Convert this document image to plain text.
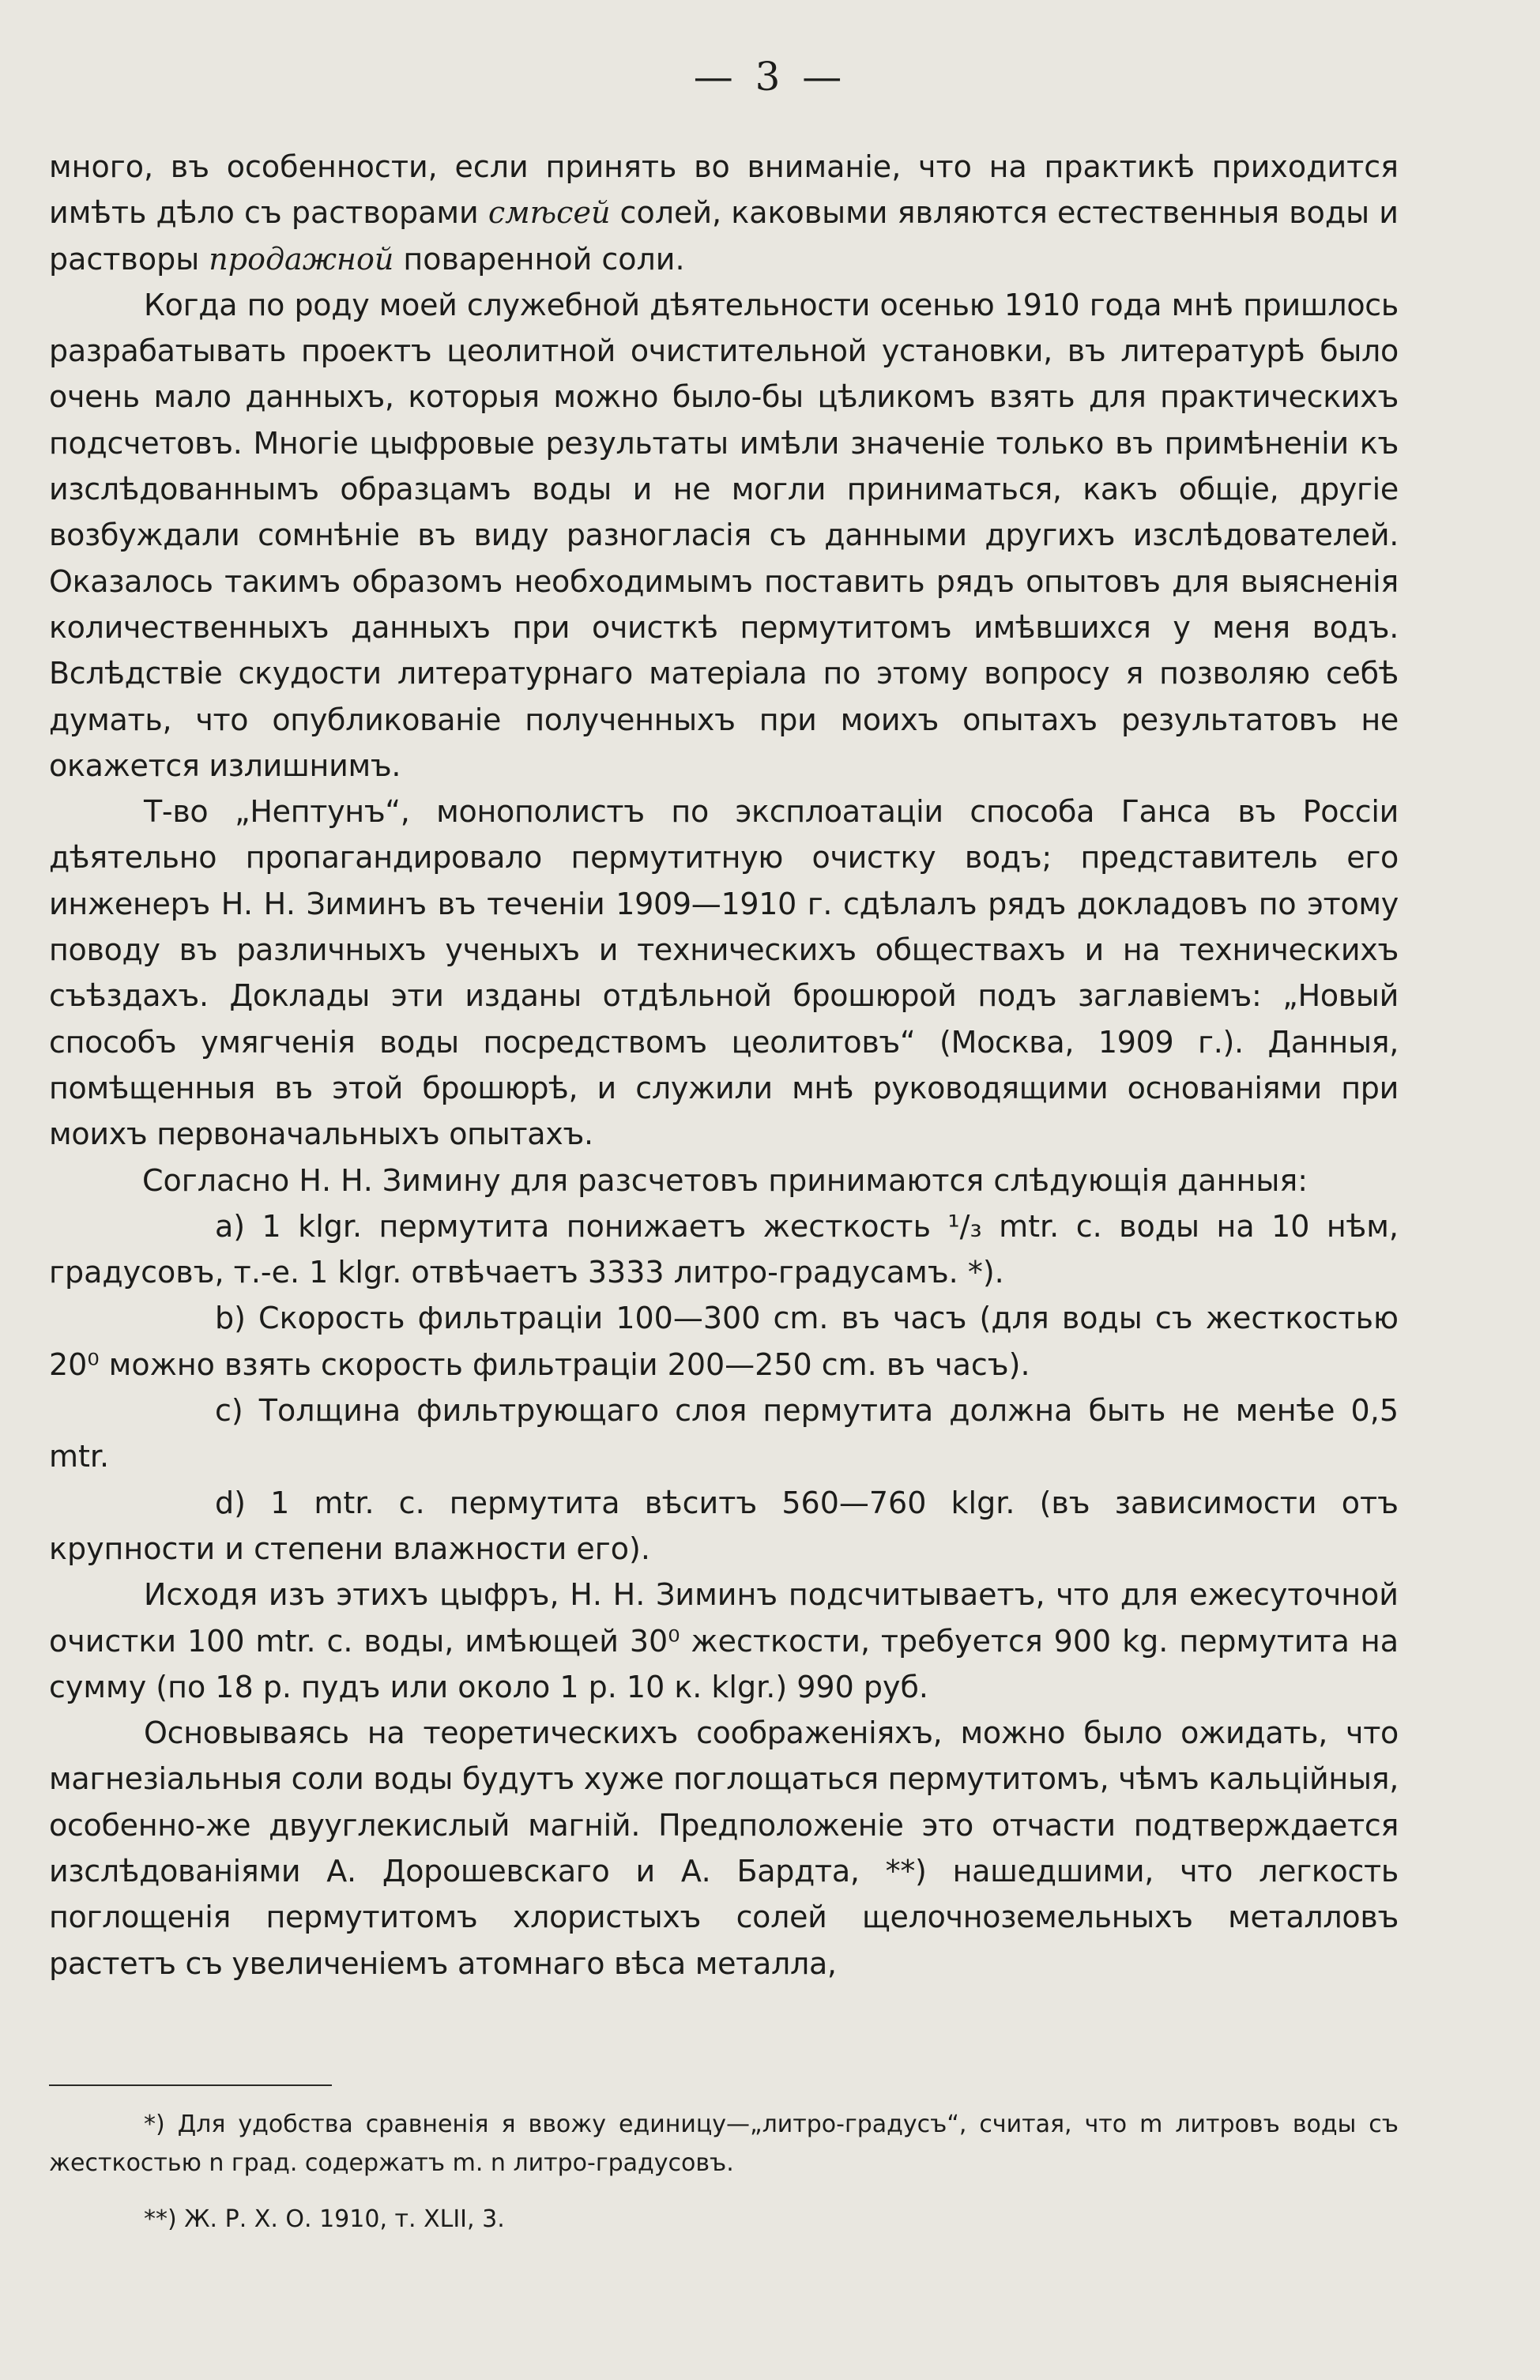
— 3 —

много, въ особенности, если принять во вниманіе, что на практикѣ приходится имѣть дѣло съ растворами смѣсей солей, каковыми являются естественныя воды и растворы продажной поваренной соли.

Когда по роду моей служебной дѣятельности осенью 1910 года мнѣ пришлось разрабатывать проектъ цеолитной очистительной установки, въ литературѣ было очень мало данныхъ, которыя можно было-бы цѣликомъ взять для практическихъ подсчетовъ. Многіе цыфровые результаты имѣли значеніе только въ примѣненіи къ изслѣдованнымъ образцамъ воды и не могли приниматься, какъ общіе, другіе возбуждали сомнѣніе въ виду разногласія съ данными другихъ изслѣдователей. Оказалось такимъ образомъ необходимымъ поставить рядъ опытовъ для выясненія количественныхъ данныхъ при очисткѣ пермутитомъ имѣвшихся у меня водъ. Вслѣдствіе скудости литературнаго матеріала по этому вопросу я позволяю себѣ думать, что опубликованіе полученныхъ при моихъ опытахъ результатовъ не окажется излишнимъ.

Т-во „Нептунъ“, монополистъ по эксплоатаціи способа Ганса въ Россіи дѣятельно пропагандировало пермутитную очистку водъ; представитель его инженеръ Н. Н. Зиминъ въ теченіи 1909—1910 г. сдѣлалъ рядъ докладовъ по этому поводу въ различныхъ ученыхъ и техническихъ обществахъ и на техническихъ съѣздахъ. Доклады эти изданы отдѣльной брошюрой подъ заглавіемъ: „Новый способъ умягченія воды посредствомъ цеолитовъ“ (Москва, 1909 г.). Данныя, помѣщенныя въ этой брошюрѣ, и служили мнѣ руководящими основаніями при моихъ первоначальныхъ опытахъ.

Согласно Н. Н. Зимину для разсчетовъ принимаются слѣдующія данныя:

а) 1 klgr. пермутита понижаетъ жесткость ¹/₃ mtr. c. воды на 10 нѣм, градусовъ, т.-е. 1 klgr. отвѣчаетъ 3333 литро-градусамъ. *).

b) Скорость фильтраціи 100—300 cm. въ часъ (для воды съ жесткостью 20⁰ можно взять скорость фильтраціи 200—250 cm. въ часъ).

c) Толщина фильтрующаго слоя пермутита должна быть не менѣе 0,5 mtr.

d) 1 mtr. c. пермутита вѣситъ 560—760 klgr. (въ зависимости отъ крупности и степени влажности его).

Исходя изъ этихъ цыфръ, Н. Н. Зиминъ подсчитываетъ, что для ежесуточной очистки 100 mtr. c. воды, имѣющей 30⁰ жесткости, требуется 900 kg. пермутита на сумму (по 18 р. пудъ или около 1 р. 10 к. klgr.) 990 руб.

Основываясь на теоретическихъ соображеніяхъ, можно было ожидать, что магнезіальныя соли воды будутъ хуже поглощаться пермутитомъ, чѣмъ кальційныя, особенно-же двууглекислый магній. Предположеніе это отчасти подтверждается изслѣдованіями А. Дорошевскаго и А. Бардта, **) нашедшими, что легкость поглощенія пермутитомъ хлористыхъ солей щелочноземельныхъ металловъ растетъ съ увеличеніемъ атомнаго вѣса металла,

*) Для удобства сравненія я ввожу единицу—„литро-градусъ“, считая, что m литровъ воды съ жесткостью n град. содержатъ m. n литро-градусовъ.

**) Ж. Р. Х. О. 1910, т. XLII, 3.
